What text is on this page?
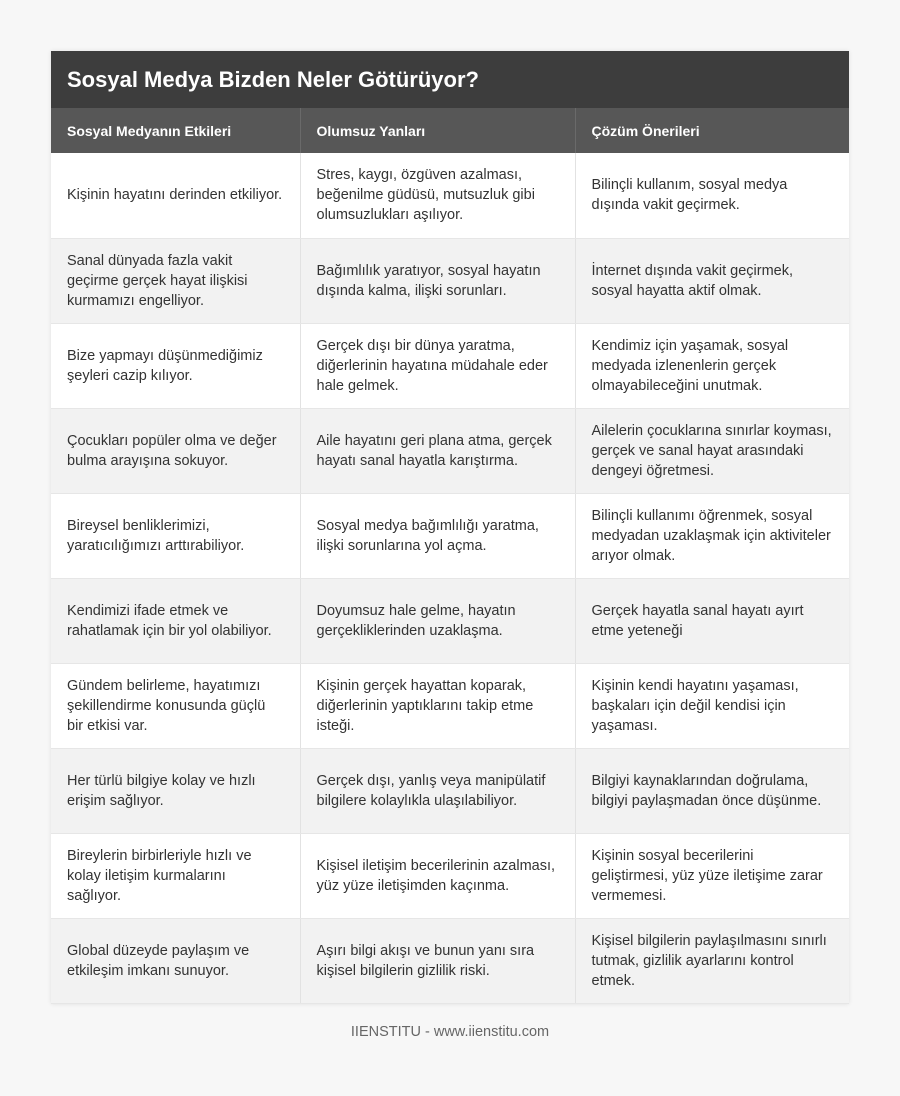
Sosyal Medya Bizden Neler Götürüyor?
Sosyal Medyanın Etkileri	Olumsuz Yanları	Çözüm Önerileri
Kişinin hayatını derinden etkiliyor.	Stres, kaygı, özgüven azalması, beğenilme güdüsü, mutsuzluk gibi olumsuzlukları aşılıyor.	Bilinçli kullanım, sosyal medya dışında vakit geçirmek.
Sanal dünyada fazla vakit geçirme gerçek hayat ilişkisi kurmamızı engelliyor.	Bağımlılık yaratıyor, sosyal hayatın dışında kalma, ilişki sorunları.	İnternet dışında vakit geçirmek, sosyal hayatta aktif olmak.
Bize yapmayı düşünmediğimiz şeyleri cazip kılıyor.	Gerçek dışı bir dünya yaratma, diğerlerinin hayatına müdahale eder hale gelmek.	Kendimiz için yaşamak, sosyal medyada izlenenlerin gerçek olmayabileceğini unutmak.
Çocukları popüler olma ve değer bulma arayışına sokuyor.	Aile hayatını geri plana atma, gerçek hayatı sanal hayatla karıştırma.	Ailelerin çocuklarına sınırlar koyması, gerçek ve sanal hayat arasındaki dengeyi öğretmesi.
Bireysel benliklerimizi, yaratıcılığımızı arttırabiliyor.	Sosyal medya bağımlılığı yaratma, ilişki sorunlarına yol açma.	Bilinçli kullanımı öğrenmek, sosyal medyadan uzaklaşmak için aktiviteler arıyor olmak.
Kendimizi ifade etmek ve rahatlamak için bir yol olabiliyor.	Doyumsuz hale gelme, hayatın gerçekliklerinden uzaklaşma.	Gerçek hayatla sanal hayatı ayırt etme yeteneği
Gündem belirleme, hayatımızı şekillendirme konusunda güçlü bir etkisi var.	Kişinin gerçek hayattan koparak, diğerlerinin yaptıklarını takip etme isteği.	Kişinin kendi hayatını yaşaması, başkaları için değil kendisi için yaşaması.
Her türlü bilgiye kolay ve hızlı erişim sağlıyor.	Gerçek dışı, yanlış veya manipülatif bilgilere kolaylıkla ulaşılabiliyor.	Bilgiyi kaynaklarından doğrulama, bilgiyi paylaşmadan önce düşünme.
Bireylerin birbirleriyle hızlı ve kolay iletişim kurmalarını sağlıyor.	Kişisel iletişim becerilerinin azalması, yüz yüze iletişimden kaçınma.	Kişinin sosyal becerilerini geliştirmesi, yüz yüze iletişime zarar vermemesi.
Global düzeyde paylaşım ve etkileşim imkanı sunuyor.	Aşırı bilgi akışı ve bunun yanı sıra kişisel bilgilerin gizlilik riski.	Kişisel bilgilerin paylaşılmasını sınırlı tutmak, gizlilik ayarlarını kontrol etmek.
IIENSTITU - www.iienstitu.com
